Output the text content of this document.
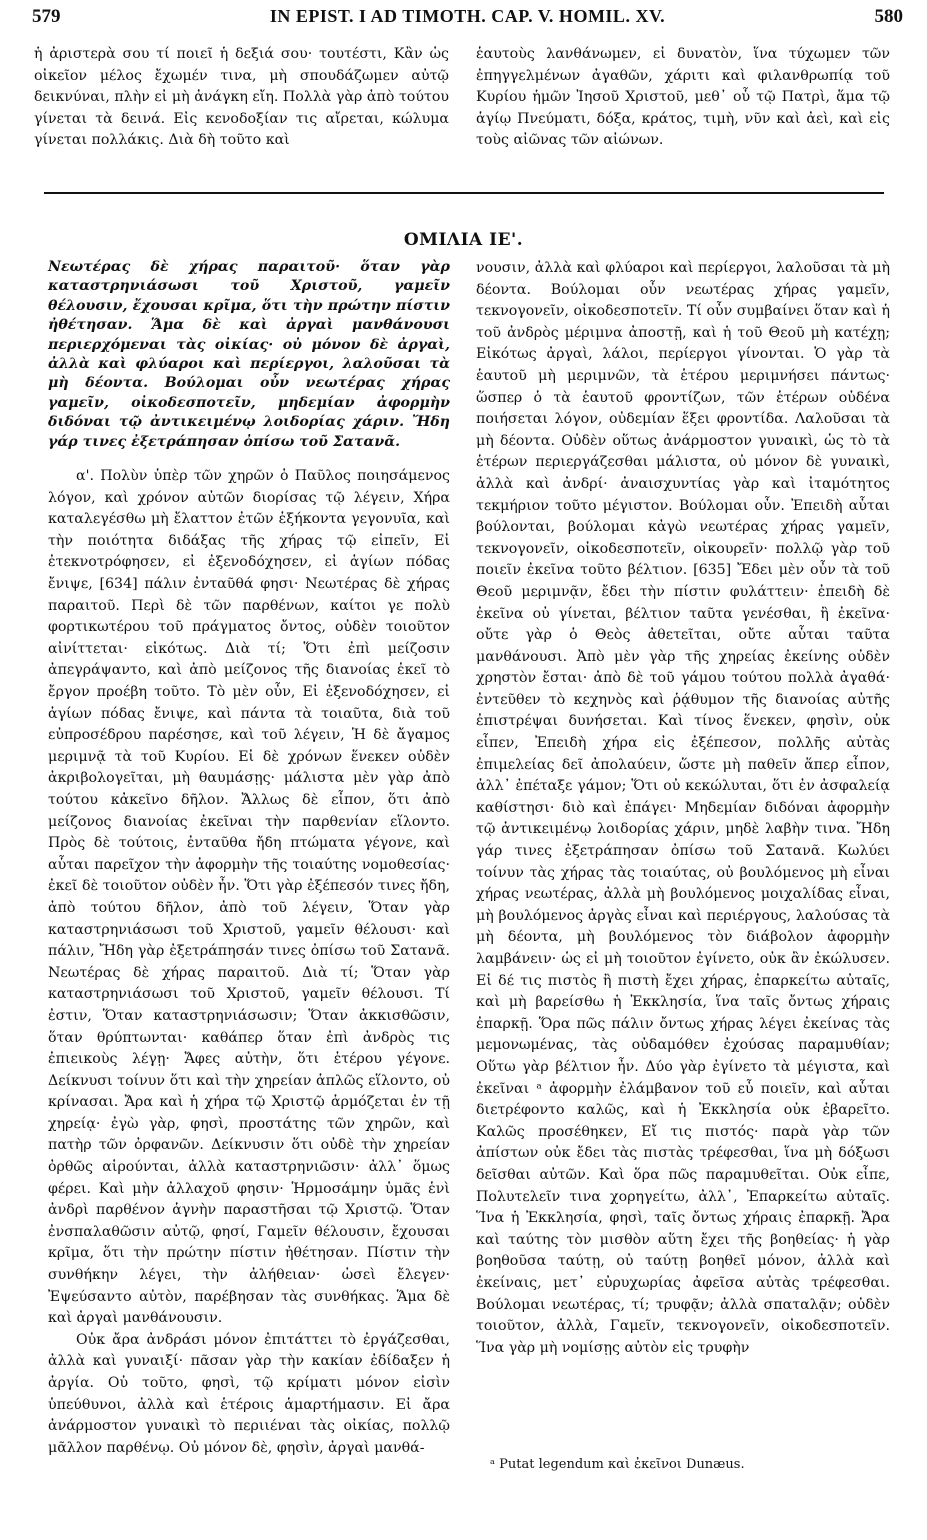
579	IN EPIST. I AD TIMOTH. CAP. V. HOMIL. XV.	580

ἡ ἀριστερὰ σου τί ποιεῖ ἡ δεξιά σου· τουτέστι, Κἂν ὡς οἰκεῖον μέλος ἔχωμέν τινα, μὴ σπουδάζωμεν αὐτῷ δεικνύναι, πλὴν εἰ μὴ ἀνάγκη εἴη. Πολλὰ γὰρ ἀπὸ τούτου γίνεται τὰ δεινά. Εἰς κενοδοξίαν τις αἴρεται, κώλυμα γίνεται πολλάκις. Διὰ δὴ τοῦτο καὶ

ἑαυτοὺς λανθάνωμεν, εἰ δυνατὸν, ἵνα τύχωμεν τῶν ἐπηγγελμένων ἀγαθῶν, χάριτι καὶ φιλανθρωπίᾳ τοῦ Κυρίου ἡμῶν Ἰησοῦ Χριστοῦ, μεθ᾽ οὗ τῷ Πατρὶ, ἅμα τῷ ἁγίῳ Πνεύματι, δόξα, κράτος, τιμὴ, νῦν καὶ ἀεὶ, καὶ εἰς τοὺς αἰῶνας τῶν αἰώνων.

ΟΜΙΛΙΑ ΙΕ'.

Νεωτέρας δὲ χήρας παραιτοῦ· ὅταν γὰρ καταστρηνιάσωσι τοῦ Χριστοῦ, γαμεῖν θέλουσιν, ἔχουσαι κρῖμα, ὅτι τὴν πρώτην πίστιν ἠθέτησαν. Ἅμα δὲ καὶ ἀργαὶ μανθάνουσι περιερχόμεναι τὰς οἰκίας· οὐ μόνον δὲ ἀργαὶ, ἀλλὰ καὶ φλύαροι καὶ περίεργοι, λαλοῦσαι τὰ μὴ δέοντα. Βούλομαι οὖν νεωτέρας χήρας γαμεῖν, οἰκοδεσποτεῖν, μηδεμίαν ἀφορμὴν διδόναι τῷ ἀντικειμένῳ λοιδορίας χάριν. Ἤδη γάρ τινες ἐξετράπησαν ὀπίσω τοῦ Σατανᾶ.

α'. Πολὺν ὑπὲρ τῶν χηρῶν ὁ Παῦλος ποιησάμενος λόγον, καὶ χρόνον αὐτῶν διορίσας τῷ λέγειν, Χήρα καταλεγέσθω μὴ ἔλαττον ἐτῶν ἑξήκοντα γεγονυῖα, καὶ τὴν ποιότητα διδάξας τῆς χήρας τῷ εἰπεῖν, Εἰ ἐτεκνοτρόφησεν, εἰ ἐξενοδόχησεν, εἰ ἁγίων πόδας ἔνιψε, [634] πάλιν ἐνταῦθά φησι· Νεωτέρας δὲ χήρας παραιτοῦ. Περὶ δὲ τῶν παρθένων, καίτοι γε πολὺ φορτικωτέρου τοῦ πράγματος ὄντος, οὐδὲν τοιοῦτον αἰνίττεται· εἰκότως. Διὰ τί; Ὅτι ἐπὶ μείζοσιν ἀπεγράψαντο, καὶ ἀπὸ μείζονος τῆς διανοίας ἐκεῖ τὸ ἔργον προέβη τοῦτο. Τὸ μὲν οὖν, Εἰ ἐξενοδόχησεν, εἰ ἁγίων πόδας ἔνιψε, καὶ πάντα τὰ τοιαῦτα, διὰ τοῦ εὐπροσέδρου παρέσησε, καὶ τοῦ λέγειν, Ἡ δὲ ἄγαμος μεριμνᾷ τὰ τοῦ Κυρίου. Εἰ δὲ χρόνων ἕνεκεν οὐδὲν ἀκριβολογεῖται, μὴ θαυμάσῃς· μάλιστα μὲν γὰρ ἀπὸ τούτου κἀκεῖνο δῆλον. Ἄλλως δὲ εἶπον, ὅτι ἀπὸ μείζονος διανοίας ἐκεῖναι τὴν παρθενίαν εἵλοντο. Πρὸς δὲ τούτοις, ἐνταῦθα ἤδη πτώματα γέγονε, καὶ αὗται παρεῖχον τὴν ἀφορμὴν τῆς τοιαύτης νομοθεσίας· ἐκεῖ δὲ τοιοῦτον οὐδὲν ἦν. Ὅτι γὰρ ἐξέπεσόν τινες ἤδη, ἀπὸ τούτου δῆλον, ἀπὸ τοῦ λέγειν, Ὅταν γὰρ καταστρηνιάσωσι τοῦ Χριστοῦ, γαμεῖν θέλουσι· καὶ πάλιν, Ἤδη γὰρ ἐξετράπησάν τινες ὀπίσω τοῦ Σατανᾶ. Νεωτέρας δὲ χήρας παραιτοῦ. Διὰ τί; Ὅταν γὰρ καταστρηνιάσωσι τοῦ Χριστοῦ, γαμεῖν θέλουσι. Τί ἐστιν, Ὅταν καταστρηνιάσωσιν; Ὅταν ἀκκισθῶσιν, ὅταν θρύπτωνται· καθάπερ ὅταν ἐπὶ ἀνδρὸς τις ἐπιεικοὺς λέγῃ· Ἄφες αὐτὴν, ὅτι ἑτέρου γέγονε. Δείκνυσι τοίνυν ὅτι καὶ τὴν χηρείαν ἁπλῶς εἵλοντο, οὐ κρίνασαι. Ἄρα καὶ ἡ χήρα τῷ Χριστῷ ἁρμόζεται ἐν τῇ χηρείᾳ· ἐγὼ γὰρ, φησὶ, προστάτης τῶν χηρῶν, καὶ πατὴρ τῶν ὀρφανῶν. Δείκνυσιν ὅτι οὐδὲ τὴν χηρείαν ὀρθῶς αἱρούνται, ἀλλὰ καταστρηνιῶσιν· ἀλλ᾽ ὅμως φέρει. Καὶ μὴν ἀλλαχοῦ φησιν· Ἡρμοσάμην ὑμᾶς ἑνὶ ἀνδρὶ παρθένον ἁγνὴν παραστῆσαι τῷ Χριστῷ. Ὅταν ἐνσπαλαθῶσιν αὐτῷ, φησί, Γαμεῖν θέλουσιν, ἔχουσαι κρῖμα, ὅτι τὴν πρώτην πίστιν ἠθέτησαν. Πίστιν τὴν συνθήκην λέγει, τὴν ἀλήθειαν· ὡσεὶ ἔλεγεν· Ἐψεύσαντο αὐτὸν, παρέβησαν τὰς συνθήκας. Ἅμα δὲ καὶ ἀργαὶ μανθάνουσιν.

Οὐκ ἄρα ἀνδράσι μόνον ἐπιτάττει τὸ ἐργάζεσθαι, ἀλλὰ καὶ γυναιξί· πᾶσαν γὰρ τὴν κακίαν ἐδίδαξεν ἡ ἀργία. Οὐ τοῦτο, φησὶ, τῷ κρίματι μόνον εἰσὶν ὑπεύθυνοι, ἀλλὰ καὶ ἑτέροις ἁμαρτήμασιν. Εἰ ἄρα ἀνάρμοστον γυναικὶ τὸ περιιέναι τὰς οἰκίας, πολλῷ μᾶλλον παρθένῳ. Οὐ μόνον δὲ, φησὶν, ἀργαὶ μανθά-

νουσιν, ἀλλὰ καὶ φλύαροι καὶ περίεργοι, λαλοῦσαι τὰ μὴ δέοντα. Βούλομαι οὖν νεωτέρας χήρας γαμεῖν, τεκνογονεῖν, οἰκοδεσποτεῖν. Τί οὖν συμβαίνει ὅταν καὶ ἡ τοῦ ἀνδρὸς μέριμνα ἀποστῇ, καὶ ἡ τοῦ Θεοῦ μὴ κατέχῃ; Εἰκότως ἀργαὶ, λάλοι, περίεργοι γίνονται. Ὁ γὰρ τὰ ἑαυτοῦ μὴ μεριμνῶν, τὰ ἑτέρου μεριμνήσει πάντως· ὥσπερ ὁ τὰ ἑαυτοῦ φροντίζων, τῶν ἑτέρων οὐδένα ποιήσεται λόγον, οὐδεμίαν ἕξει φροντίδα. Λαλοῦσαι τὰ μὴ δέοντα. Οὐδὲν οὕτως ἀνάρμοστον γυναικὶ, ὡς τὸ τὰ ἑτέρων περιεργάζεσθαι μάλιστα, οὐ μόνον δὲ γυναικὶ, ἀλλὰ καὶ ἀνδρί· ἀναισχυντίας γὰρ καὶ ἰταμότητος τεκμήριον τοῦτο μέγιστον. Βούλομαι οὖν. Ἐπειδὴ αὗται βούλονται, βούλομαι κἀγὼ νεωτέρας χήρας γαμεῖν, τεκνογονεῖν, οἰκοδεσποτεῖν, οἰκουρεῖν· πολλῷ γὰρ τοῦ ποιεῖν ἐκεῖνα τοῦτο βέλτιον. [635] Ἔδει μὲν οὖν τὰ τοῦ Θεοῦ μεριμνᾷν, ἔδει τὴν πίστιν φυλάττειν· ἐπειδὴ δὲ ἐκεῖνα οὐ γίνεται, βέλτιον ταῦτα γενέσθαι, ἢ ἐκεῖνα· οὔτε γὰρ ὁ Θεὸς ἀθετεῖται, οὔτε αὗται ταῦτα μανθάνουσι. Ἀπὸ μὲν γὰρ τῆς χηρείας ἐκείνης οὐδὲν χρηστὸν ἔσται· ἀπὸ δὲ τοῦ γάμου τούτου πολλὰ ἀγαθά· ἐντεῦθεν τὸ κεχηνὸς καὶ ῥᾴθυμον τῆς διανοίας αὐτῆς ἐπιστρέψαι δυνήσεται. Καὶ τίνος ἕνεκεν, φησὶν, οὐκ εἶπεν, Ἐπειδὴ χήρα εἰς ἐξέπεσον, πολλῆς αὐτὰς ἐπιμελείας δεῖ ἀπολαύειν, ὥστε μὴ παθεῖν ἅπερ εἶπον, ἀλλ᾽ ἐπέταξε γάμον; Ὅτι οὐ κεκώλυται, ὅτι ἐν ἀσφαλείᾳ καθίστησι· διὸ καὶ ἐπάγει· Μηδεμίαν διδόναι ἀφορμὴν τῷ ἀντικειμένῳ λοιδορίας χάριν, μηδὲ λαβὴν τινα. Ἤδη γάρ τινες ἐξετράπησαν ὀπίσω τοῦ Σατανᾶ. Κωλύει τοίνυν τὰς χήρας τὰς τοιαύτας, οὐ βουλόμενος μὴ εἶναι χήρας νεωτέρας, ἀλλὰ μὴ βουλόμενος μοιχαλίδας εἶναι, μὴ βουλόμενος ἀργὰς εἶναι καὶ περιέργους, λαλούσας τὰ μὴ δέοντα, μὴ βουλόμενος τὸν διάβολον ἀφορμὴν λαμβάνειν· ὡς εἰ μὴ τοιοῦτον ἐγίνετο, οὐκ ἂν ἐκώλυσεν. Εἰ δέ τις πιστὸς ἢ πιστὴ ἔχει χήρας, ἐπαρκείτω αὐταῖς, καὶ μὴ βαρείσθω ἡ Ἐκκλησία, ἵνα ταῖς ὄντως χήραις ἐπαρκῇ. Ὅρα πῶς πάλιν ὄντως χήρας λέγει ἐκείνας τὰς μεμονωμένας, τὰς οὐδαμόθεν ἐχούσας παραμυθίαν; Οὕτω γὰρ βέλτιον ἦν. Δύο γὰρ ἐγίνετο τὰ μέγιστα, καὶ ἐκεῖναι ᵃ ἀφορμὴν ἐλάμβανον τοῦ εὖ ποιεῖν, καὶ αὗται διετρέφοντο καλῶς, καὶ ἡ Ἐκκλησία οὐκ ἐβαρεῖτο. Καλῶς προσέθηκεν, Εἴ τις πιστός· παρὰ γὰρ τῶν ἀπίστων οὐκ ἔδει τὰς πιστὰς τρέφεσθαι, ἵνα μὴ δόξωσι δεῖσθαι αὐτῶν. Καὶ ὅρα πῶς παραμυθεῖται. Οὐκ εἶπε, Πολυτελεῖν τινα χορηγείτω, ἀλλ᾽, Ἐπαρκείτω αὐταῖς. Ἵνα ἡ Ἐκκλησία, φησὶ, ταῖς ὄντως χήραις ἐπαρκῇ. Ἄρα καὶ ταύτης τὸν μισθὸν αὕτη ἔχει τῆς βοηθείας· ἡ γὰρ βοηθοῦσα ταύτῃ, οὐ ταύτῃ βοηθεῖ μόνον, ἀλλὰ καὶ ἐκείναις, μετ᾽ εὐρυχωρίας ἀφεῖσα αὐτὰς τρέφεσθαι. Βούλομαι νεωτέρας, τί; τρυφᾷν; ἀλλὰ σπαταλᾷν; οὐδὲν τοιοῦτον, ἀλλὰ, Γαμεῖν, τεκνογονεῖν, οἰκοδεσποτεῖν. Ἵνα γὰρ μὴ νομίσῃς αὐτὸν εἰς τρυφὴν

ᵃ Putat legendum καὶ ἐκεῖνοι Dunæus.
